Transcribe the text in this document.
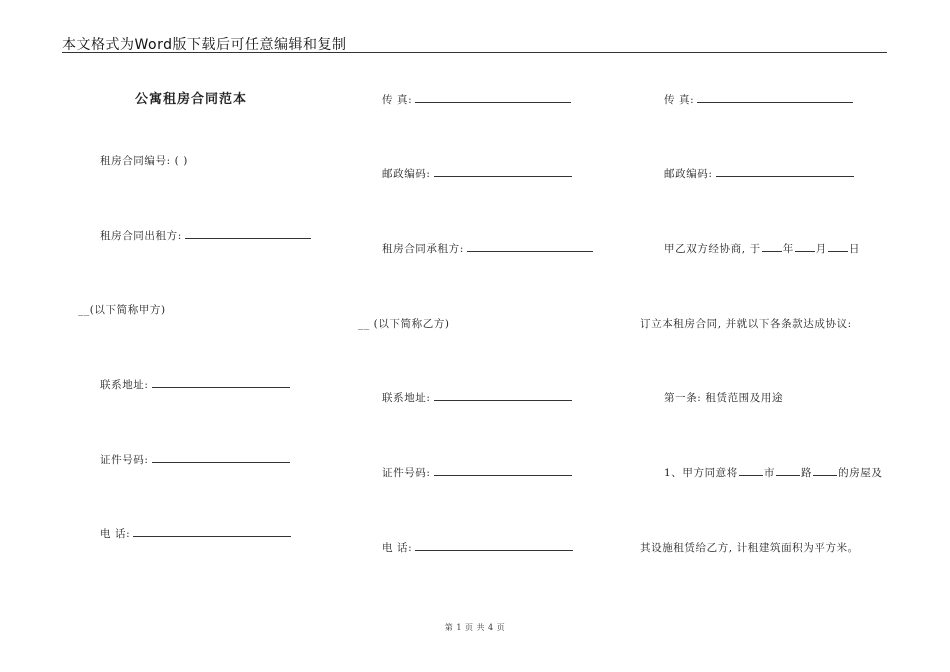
本文格式为Word版下载后可任意编辑和复制
公寓租房合同范本
租房合同编号: ( )
租房合同出租方:
__(以下简称甲方)
联系地址:
证件号码:
电 话:
传 真:
邮政编码:
租房合同承租方:
__ (以下简称乙方)
联系地址:
证件号码:
电 话:
传 真:
邮政编码:
甲乙双方经协商, 于 年 月 日
订立本租房合同, 并就以下各条款达成协议:
第一条: 租赁范围及用途
1、甲方同意将 市 路 的房屋及
其设施租赁给乙方, 计租建筑面积为平方米。
第 1 页 共 4 页
